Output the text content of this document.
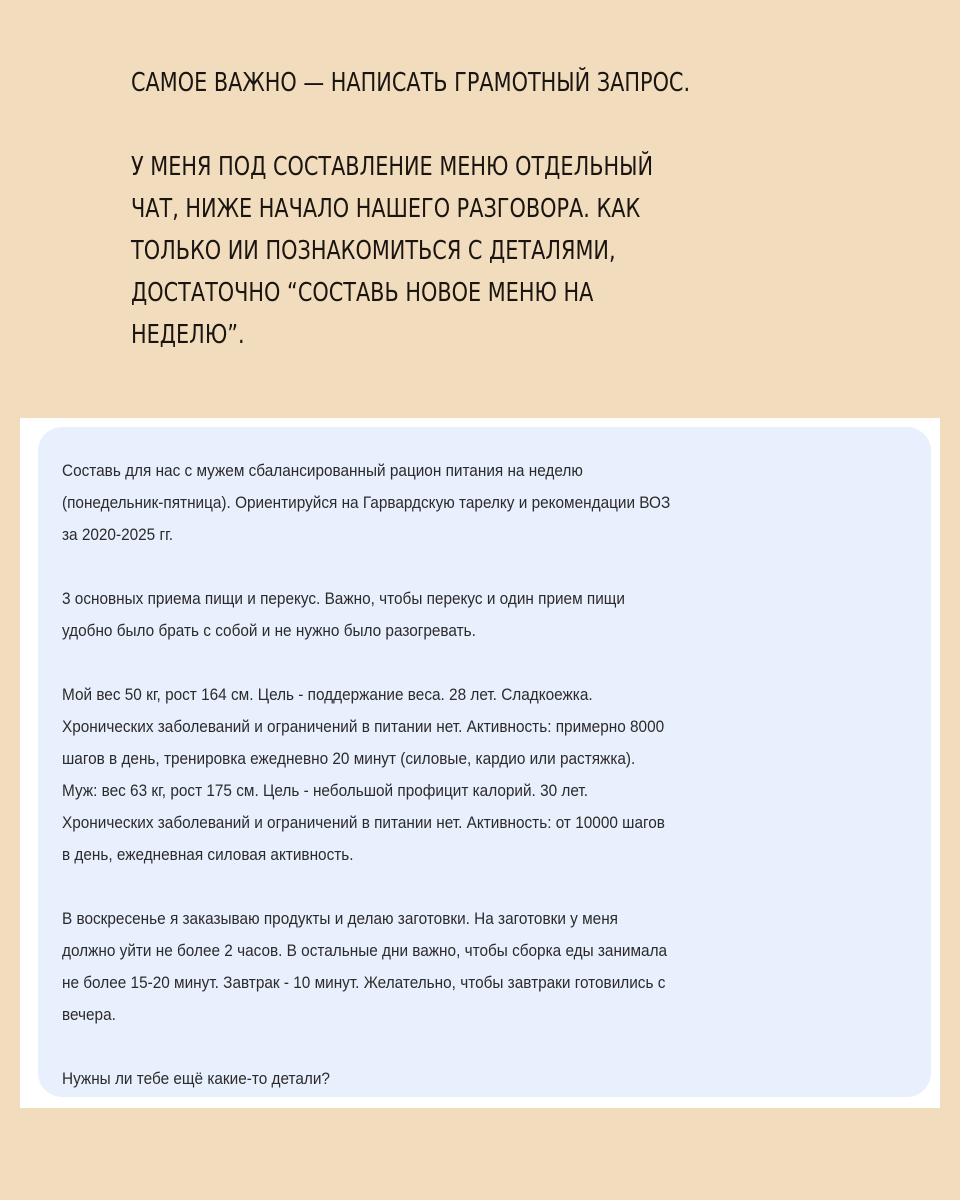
САМОЕ ВАЖНО — НАПИСАТЬ ГРАМОТНЫЙ ЗАПРОС.

У МЕНЯ ПОД СОСТАВЛЕНИЕ МЕНЮ ОТДЕЛЬНЫЙ
ЧАТ, НИЖЕ НАЧАЛО НАШЕГО РАЗГОВОРА. КАК
ТОЛЬКО ИИ ПОЗНАКОМИТЬСЯ С ДЕТАЛЯМИ,
ДОСТАТОЧНО “СОСТАВЬ НОВОЕ МЕНЮ НА НЕДЕЛЮ”.

Составь для нас с мужем сбалансированный рацион питания на неделю
(понедельник-пятница). Ориентируйся на Гарвардскую тарелку и рекомендации ВОЗ
за 2020-2025 гг.

3 основных приема пищи и перекус. Важно, чтобы перекус и один прием пищи
удобно было брать с собой и не нужно было разогревать.

Мой вес 50 кг, рост 164 см. Цель - поддержание веса. 28 лет. Сладкоежка.
Хронических заболеваний и ограничений в питании нет. Активность: примерно 8000
шагов в день, тренировка ежедневно 20 минут (силовые, кардио или растяжка).
Муж: вес 63 кг, рост 175 см. Цель - небольшой профицит калорий. 30 лет.
Хронических заболеваний и ограничений в питании нет. Активность: от 10000 шагов
в день, ежедневная силовая активность.

В воскресенье я заказываю продукты и делаю заготовки. На заготовки у меня
должно уйти не более 2 часов. В остальные дни важно, чтобы сборка еды занимала
не более 15-20 минут. Завтрак - 10 минут. Желательно, чтобы завтраки готовились с
вечера.

Нужны ли тебе ещё какие-то детали?
